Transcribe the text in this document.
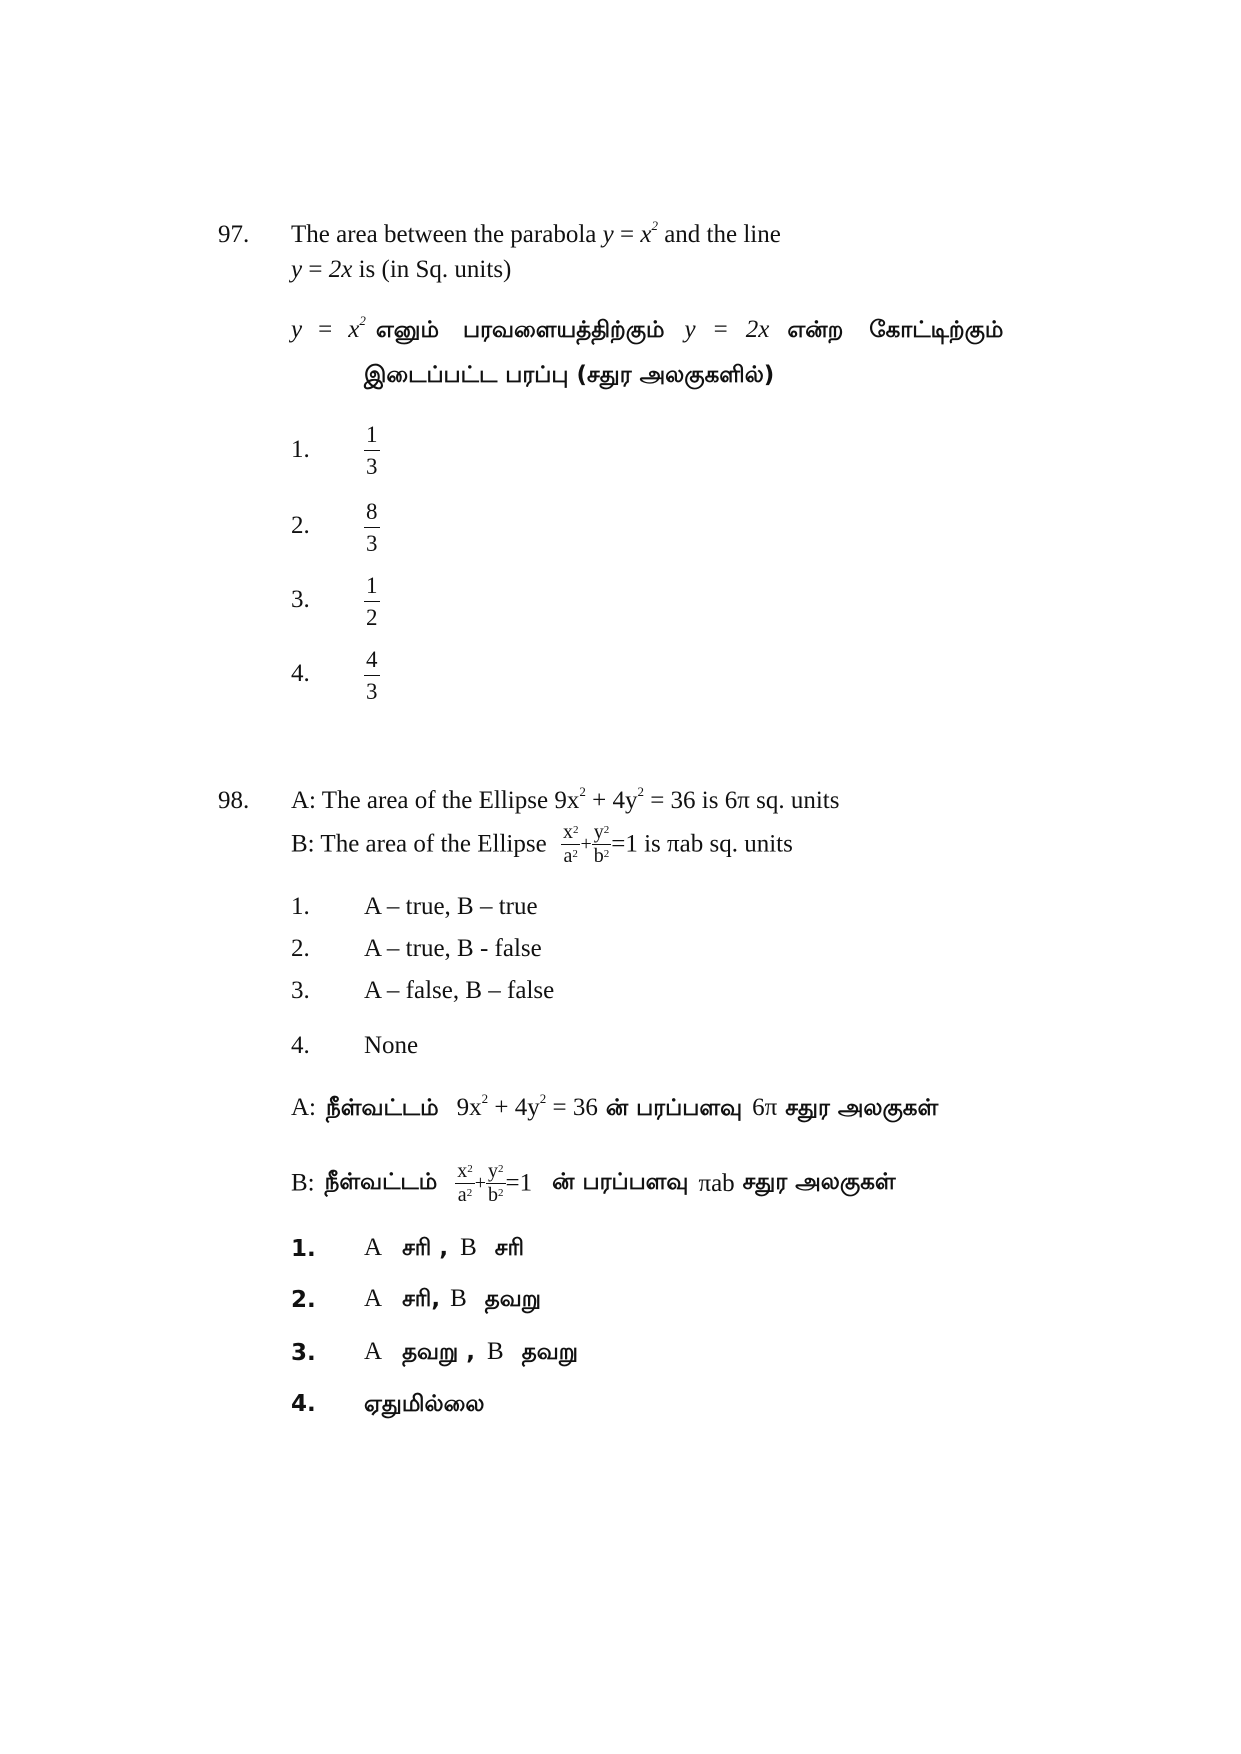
97. The area between the parabola $y = x^2$ and the line
y = 2x is (in Sq. units)
$y = x^2$ எனும் பரவளையத்திற்கும் y = 2x என்ற கோட்டிற்கும்
இடைப்பட்ட பரப்பு (சதுர அலகுகளில்)
1. $\frac{1}{3}$
2. $\frac{8}{3}$
3. $\frac{1}{2}$
4. $\frac{4}{3}$
98. A: The area of the Ellipse $9x^2 + 4y^2 = 36$ is 6π sq. units
B: The area of the Ellipse $\frac{x^2}{a^2} + \frac{y^2}{b^2} =1$ is πab sq. units
1. A – true, B – true
2. A – true, B - false
3. A – false, B – false
4. None
A: நீள்வட்டம் $9x^2 + 4y^2 = 36$ ன் பரப்பளவு 6π சதுர அலகுகள்
B: நீள்வட்டம் $\frac{x^2}{a^2} + \frac{y^2}{b^2} =1$ ன் பரப்பளவு πab சதுர அலகுகள்
1. A சரி , B சரி
2. A சரி, B தவறு
3. A தவறு , B தவறு
4. ஏதுமில்லை
